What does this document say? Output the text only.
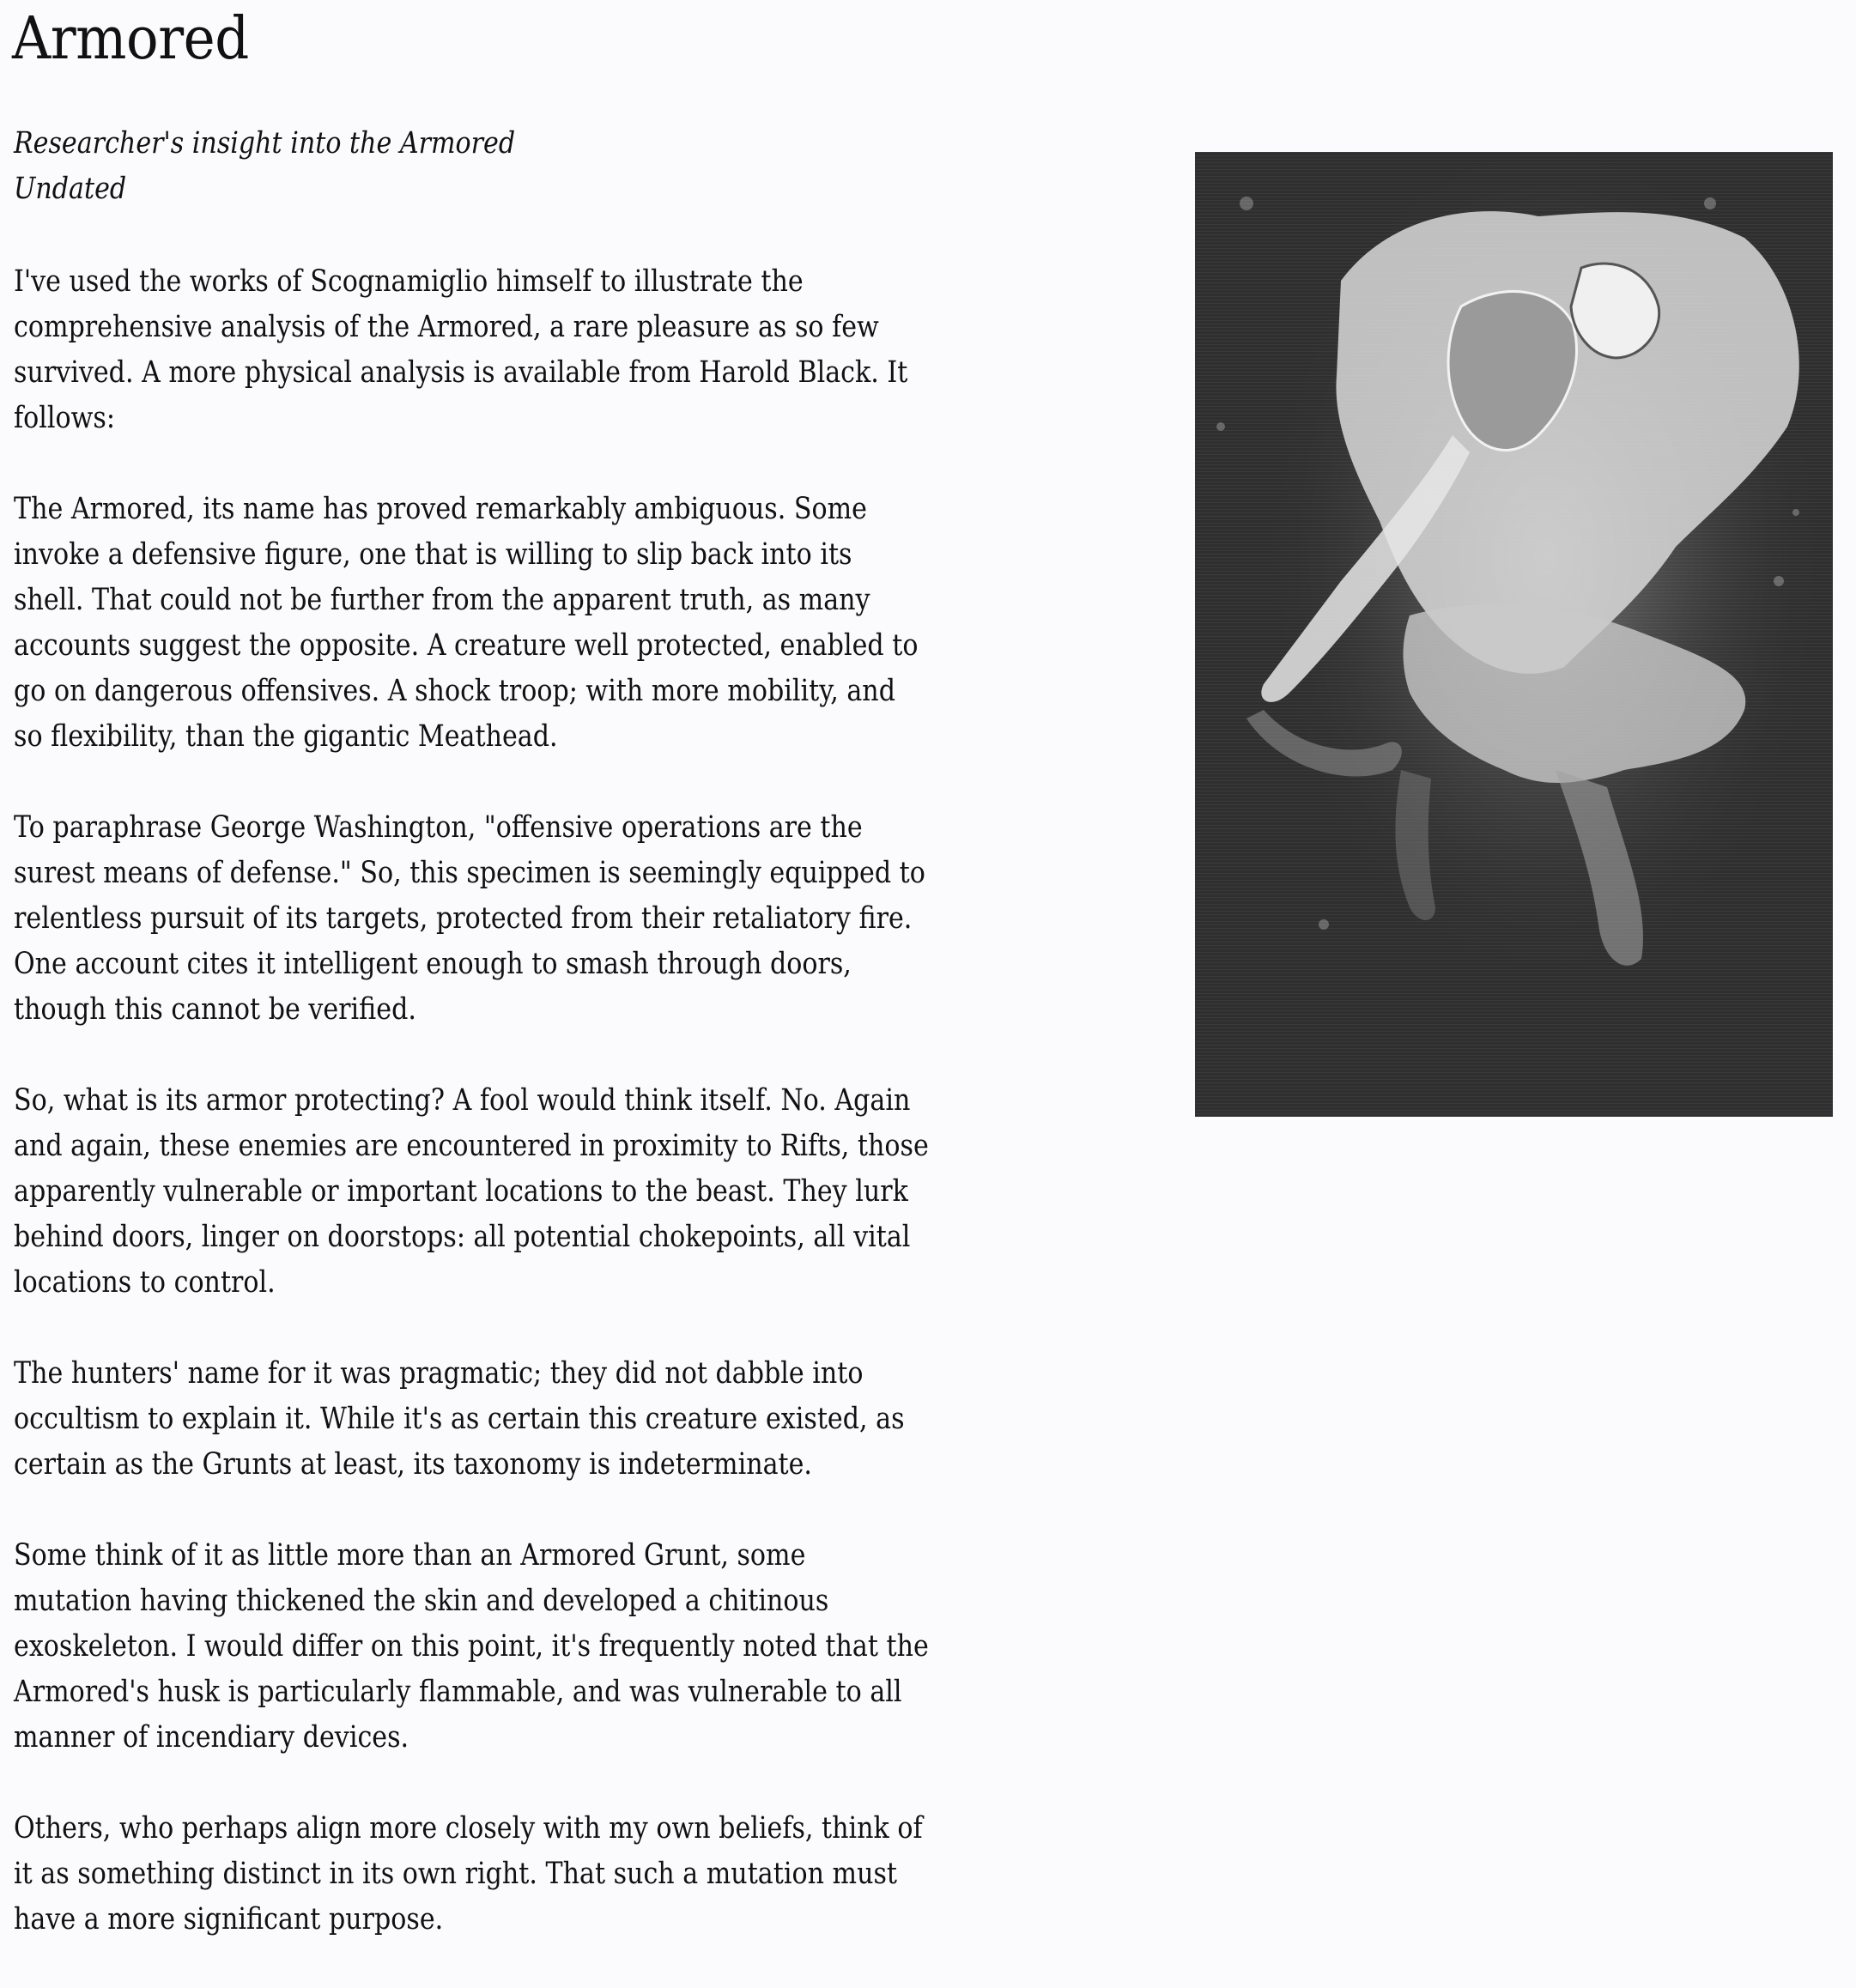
Armored
Researcher's insight into the Armored
Undated

I've used the works of Scognamiglio himself to illustrate the
comprehensive analysis of the Armored, a rare pleasure as so few
survived. A more physical analysis is available from Harold Black. It
follows:

The Armored, its name has proved remarkably ambiguous. Some
invoke a defensive figure, one that is willing to slip back into its
shell. That could not be further from the apparent truth, as many
accounts suggest the opposite. A creature well protected, enabled to
go on dangerous offensives. A shock troop; with more mobility, and
so flexibility, than the gigantic Meathead.

To paraphrase George Washington, "offensive operations are the
surest means of defense." So, this specimen is seemingly equipped to
relentless pursuit of its targets, protected from their retaliatory fire.
One account cites it intelligent enough to smash through doors,
though this cannot be verified.

So, what is its armor protecting? A fool would think itself. No. Again
and again, these enemies are encountered in proximity to Rifts, those
apparently vulnerable or important locations to the beast. They lurk
behind doors, linger on doorstops: all potential chokepoints, all vital
locations to control.

The hunters' name for it was pragmatic; they did not dabble into
occultism to explain it. While it's as certain this creature existed, as
certain as the Grunts at least, its taxonomy is indeterminate.

Some think of it as little more than an Armored Grunt, some
mutation having thickened the skin and developed a chitinous
exoskeleton. I would differ on this point, it's frequently noted that the
Armored's husk is particularly flammable, and was vulnerable to all
manner of incendiary devices.

Others, who perhaps align more closely with my own beliefs, think of
it as something distinct in its own right. That such a mutation must
have a more significant purpose.
